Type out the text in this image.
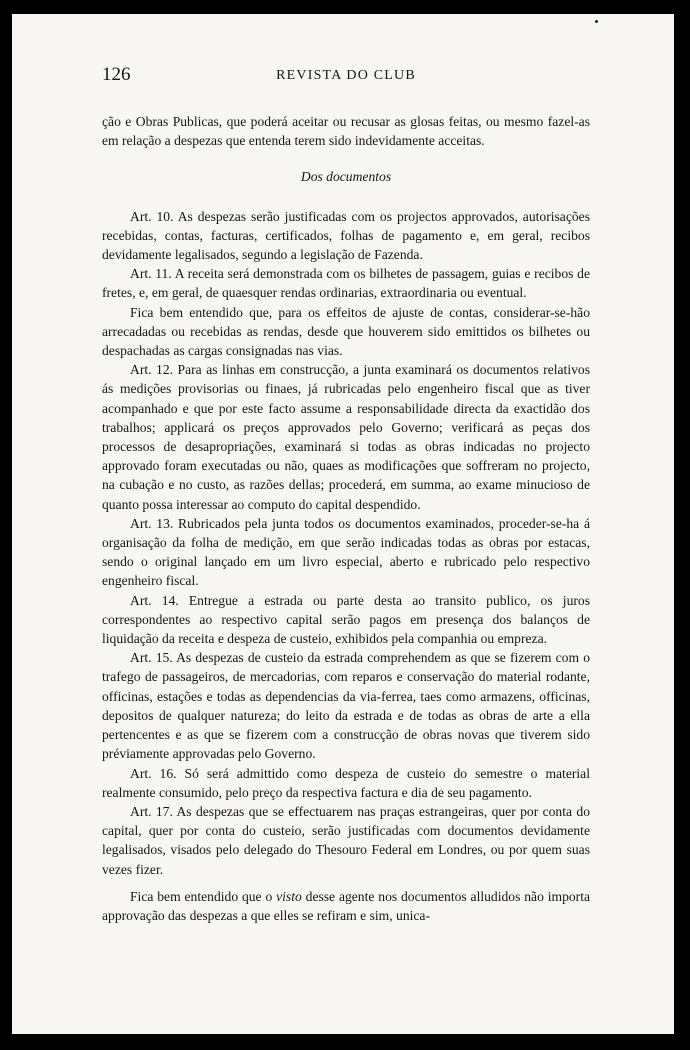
126	REVISTA DO CLUB

ção e Obras Publicas, que poderá aceitar ou recusar as glosas feitas, ou mesmo fazel-as em relação a despezas que entenda terem sido indevidamente acceitas.

Dos documentos

Art. 10. As despezas serão justificadas com os projectos approvados, autorisações recebidas, contas, facturas, certificados, folhas de pagamento e, em geral, recibos devidamente legalisados, segundo a legislação de Fazenda.

Art. 11. A receita será demonstrada com os bilhetes de passagem, guias e recibos de fretes, e, em geral, de quaesquer rendas ordinarias, extraordinaria ou eventual.

Fica bem entendido que, para os effeitos de ajuste de contas, considerar-se-hão arrecadadas ou recebidas as rendas, desde que houverem sido emittidos os bilhetes ou despachadas as cargas consignadas nas vias.

Art. 12. Para as linhas em construcção, a junta examinará os documentos relativos ás medições provisorias ou finaes, já rubricadas pelo engenheiro fiscal que as tiver acompanhado e que por este facto assume a responsabilidade directa da exactidão dos trabalhos; applicará os preços approvados pelo Governo; verificará as peças dos processos de desapropriações, examinará si todas as obras indicadas no projecto approvado foram executadas ou não, quaes as modificações que soffreram no projecto, na cubação e no custo, as razões dellas; procederá, em summa, ao exame minucioso de quanto possa interessar ao computo do capital despendido.

Art. 13. Rubricados pela junta todos os documentos examinados, proceder-se-ha á organisação da folha de medição, em que serão indicadas todas as obras por estacas, sendo o original lançado em um livro especial, aberto e rubricado pelo respectivo engenheiro fiscal.

Art. 14. Entregue a estrada ou parte desta ao transito publico, os juros correspondentes ao respectivo capital serão pagos em presença dos balanços de liquidação da receita e despeza de custeio, exhibidos pela companhia ou empreza.

Art. 15. As despezas de custeio da estrada comprehendem as que se fizerem com o trafego de passageiros, de mercadorias, com reparos e conservação do material rodante, officinas, estações e todas as dependencias da via-ferrea, taes como armazens, officinas, depositos de qualquer natureza; do leito da estrada e de todas as obras de arte a ella pertencentes e as que se fizerem com a construcção de obras novas que tiverem sido préviamente approvadas pelo Governo.

Art. 16. Só será admittido como despeza de custeio do semestre o material realmente consumido, pelo preço da respectiva factura e dia de seu pagamento.

Art. 17. As despezas que se effectuarem nas praças estrangeiras, quer por conta do capital, quer por conta do custeio, serão justificadas com documentos devidamente legalisados, visados pelo delegado do Thesouro Federal em Londres, ou por quem suas vezes fizer.

Fica bem entendido que o visto desse agente nos documentos alludidos não importa approvação das despezas a que elles se refiram e sim, unica-
